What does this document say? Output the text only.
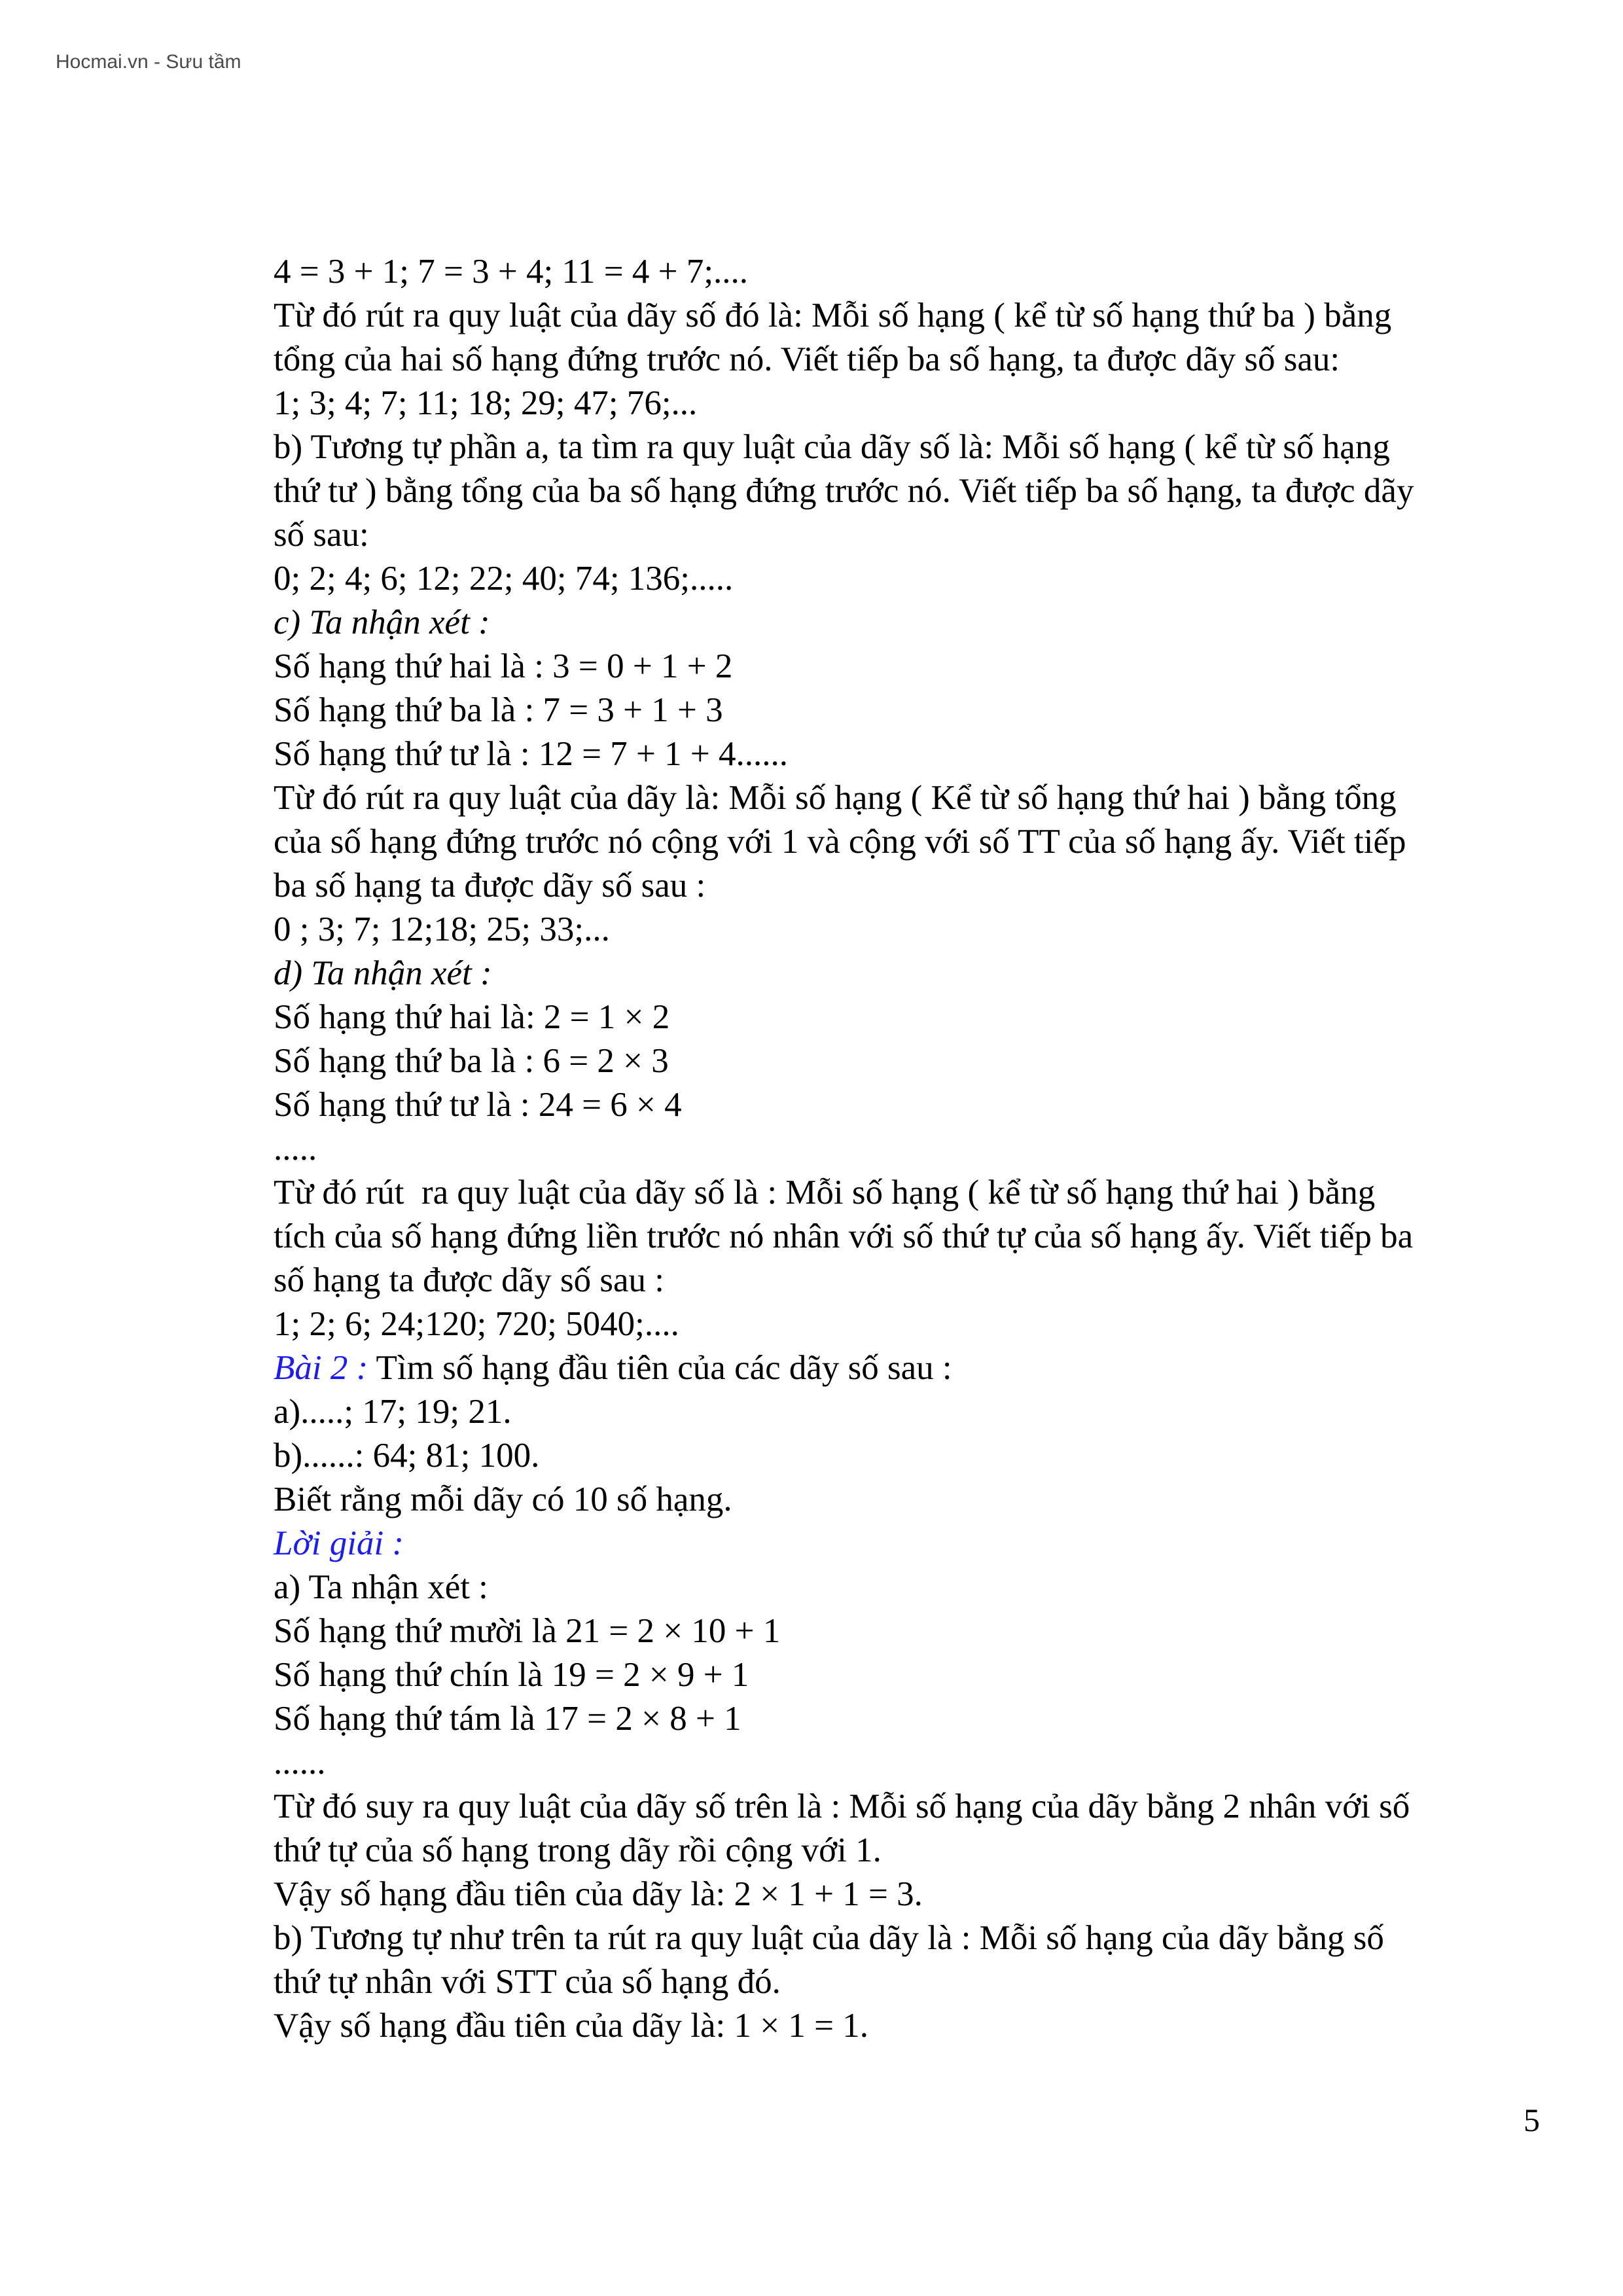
Hocmai.vn - Sưu tầm
4 = 3 + 1; 7 = 3 + 4; 11 = 4 + 7;....
Từ đó rút ra quy luật của dãy số đó là: Mỗi số hạng ( kể từ số hạng thứ ba ) bằng
tổng của hai số hạng đứng trước nó. Viết tiếp ba số hạng, ta được dãy số sau:
1; 3; 4; 7; 11; 18; 29; 47; 76;...
b) Tương tự phần a, ta tìm ra quy luật của dãy số là: Mỗi số hạng ( kể từ số hạng
thứ tư ) bằng tổng của ba số hạng đứng trước nó. Viết tiếp ba số hạng, ta được dãy
số sau:
0; 2; 4; 6; 12; 22; 40; 74; 136;.....
c) Ta nhận xét :
Số hạng thứ hai là : 3 = 0 + 1 + 2
Số hạng thứ ba là : 7 = 3 + 1 + 3
Số hạng thứ tư là : 12 = 7 + 1 + 4......
Từ đó rút ra quy luật của dãy là: Mỗi số hạng ( Kể từ số hạng thứ hai ) bằng tổng
của số hạng đứng trước nó cộng với 1 và cộng với số TT của số hạng ấy. Viết tiếp
ba số hạng ta được dãy số sau :
0 ; 3; 7; 12;18; 25; 33;...
d) Ta nhận xét :
Số hạng thứ hai là: 2 = 1 × 2
Số hạng thứ ba là : 6 = 2 × 3
Số hạng thứ tư là : 24 = 6 × 4
.....
Từ đó rút  ra quy luật của dãy số là : Mỗi số hạng ( kể từ số hạng thứ hai ) bằng
tích của số hạng đứng liền trước nó nhân với số thứ tự của số hạng ấy. Viết tiếp ba
số hạng ta được dãy số sau :
1; 2; 6; 24;120; 720; 5040;....
Bài 2 : Tìm số hạng đầu tiên của các dãy số sau :
a).....; 17; 19; 21.
b)......: 64; 81; 100.
Biết rằng mỗi dãy có 10 số hạng.
Lời giải :
a) Ta nhận xét :
Số hạng thứ mười là 21 = 2 × 10 + 1
Số hạng thứ chín là 19 = 2 × 9 + 1
Số hạng thứ tám là 17 = 2 × 8 + 1
......
Từ đó suy ra quy luật của dãy số trên là : Mỗi số hạng của dãy bằng 2 nhân với số
thứ tự của số hạng trong dãy rồi cộng với 1.
Vậy số hạng đầu tiên của dãy là: 2 × 1 + 1 = 3.
b) Tương tự như trên ta rút ra quy luật của dãy là : Mỗi số hạng của dãy bằng số
thứ tự nhân với STT của số hạng đó.
Vậy số hạng đầu tiên của dãy là: 1 × 1 = 1.
5
